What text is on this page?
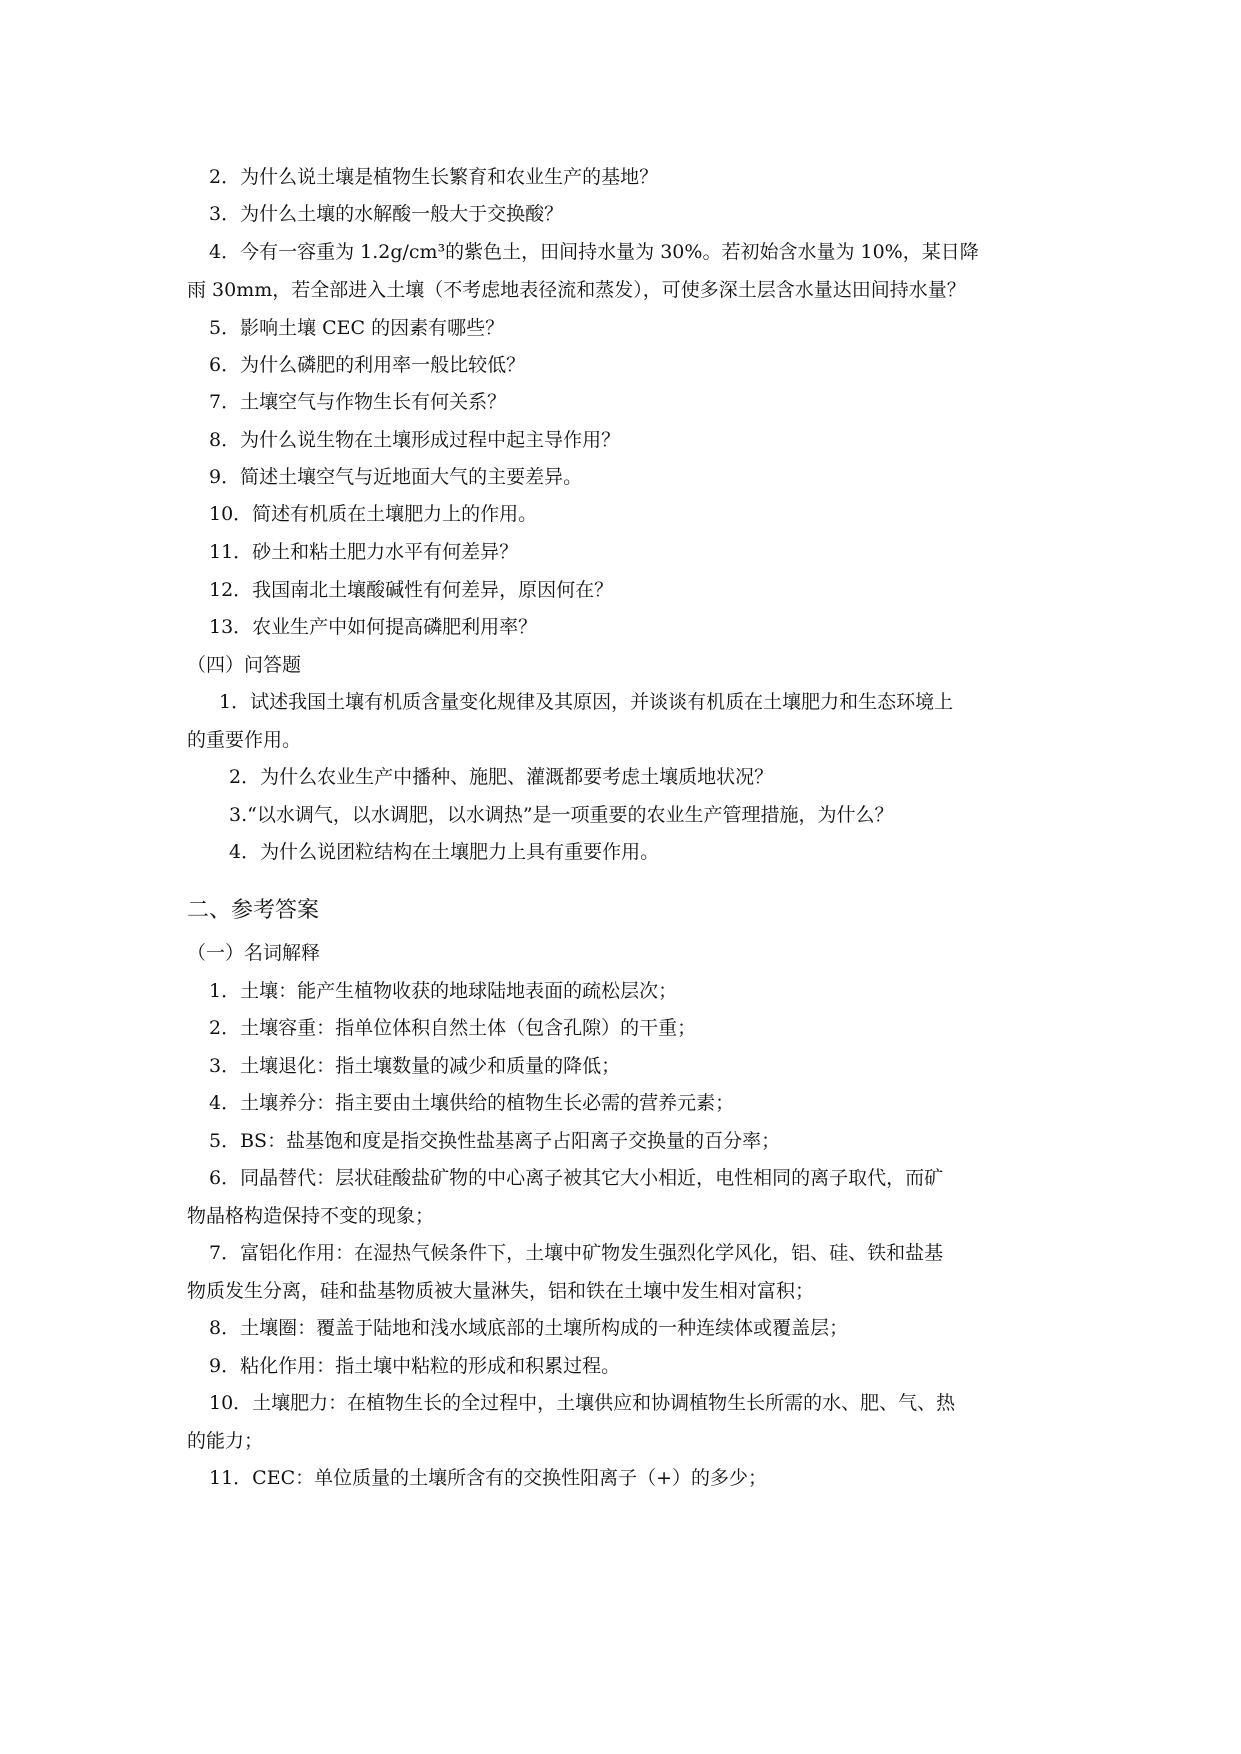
2．为什么说土壤是植物生长繁育和农业生产的基地？
3．为什么土壤的水解酸一般大于交换酸？
4．今有一容重为 1.2g/cm³的紫色土，田间持水量为 30%。若初始含水量为 10%，某日降
雨 30mm，若全部进入土壤（不考虑地表径流和蒸发），可使多深土层含水量达田间持水量？
5．影响土壤 CEC 的因素有哪些？
6．为什么磷肥的利用率一般比较低？
7．土壤空气与作物生长有何关系？
8．为什么说生物在土壤形成过程中起主导作用？
9．简述土壤空气与近地面大气的主要差异。
10．简述有机质在土壤肥力上的作用。
11．砂土和粘土肥力水平有何差异？
12．我国南北土壤酸碱性有何差异，原因何在？
13．农业生产中如何提高磷肥利用率？
（四）问答题
1．试述我国土壤有机质含量变化规律及其原因，并谈谈有机质在土壤肥力和生态环境上
的重要作用。
2．为什么农业生产中播种、施肥、灌溉都要考虑土壤质地状况？
3.“以水调气，以水调肥，以水调热”是一项重要的农业生产管理措施，为什么？
4．为什么说团粒结构在土壤肥力上具有重要作用。
二、参考答案
（一）名词解释
1．土壤：能产生植物收获的地球陆地表面的疏松层次；
2．土壤容重：指单位体积自然土体（包含孔隙）的干重；
3．土壤退化：指土壤数量的减少和质量的降低；
4．土壤养分：指主要由土壤供给的植物生长必需的营养元素；
5．BS：盐基饱和度是指交换性盐基离子占阳离子交换量的百分率；
6．同晶替代：层状硅酸盐矿物的中心离子被其它大小相近，电性相同的离子取代，而矿
物晶格构造保持不变的现象；
7．富铝化作用：在湿热气候条件下，土壤中矿物发生强烈化学风化，铝、硅、铁和盐基
物质发生分离，硅和盐基物质被大量淋失，铝和铁在土壤中发生相对富积；
8．土壤圈：覆盖于陆地和浅水域底部的土壤所构成的一种连续体或覆盖层；
9．粘化作用：指土壤中粘粒的形成和积累过程。
10．土壤肥力：在植物生长的全过程中，土壤供应和协调植物生长所需的水、肥、气、热
的能力；
11．CEC：单位质量的土壤所含有的交换性阳离子（+）的多少；
